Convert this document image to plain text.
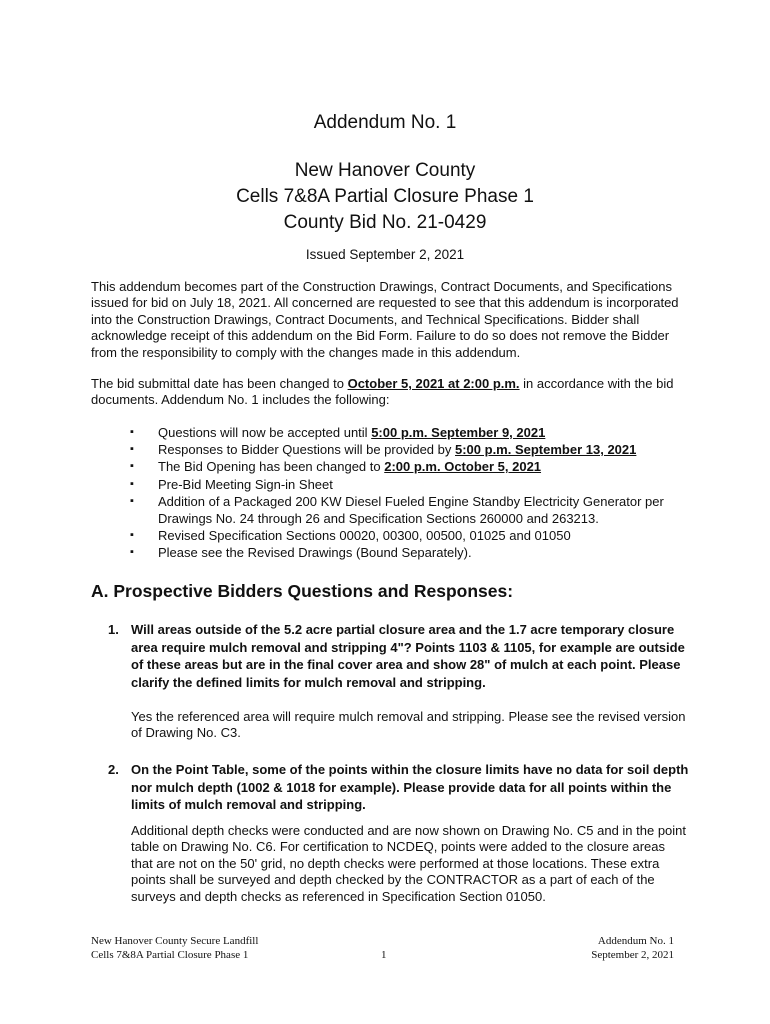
Addendum No. 1
New Hanover County
Cells 7&8A Partial Closure Phase 1
County Bid No. 21-0429
Issued September 2, 2021
This addendum becomes part of the Construction Drawings, Contract Documents, and Specifications issued for bid on July 18, 2021. All concerned are requested to see that this addendum is incorporated into the Construction Drawings, Contract Documents, and Technical Specifications. Bidder shall acknowledge receipt of this addendum on the Bid Form. Failure to do so does not remove the Bidder from the responsibility to comply with the changes made in this addendum.
The bid submittal date has been changed to October 5, 2021 at 2:00 p.m. in accordance with the bid documents. Addendum No. 1 includes the following:
▪ Questions will now be accepted until 5:00 p.m. September 9, 2021
▪ Responses to Bidder Questions will be provided by 5:00 p.m. September 13, 2021
▪ The Bid Opening has been changed to 2:00 p.m. October 5, 2021
▪ Pre-Bid Meeting Sign-in Sheet
▪ Addition of a Packaged 200 KW Diesel Fueled Engine Standby Electricity Generator per Drawings No. 24 through 26 and Specification Sections 260000 and 263213.
▪ Revised Specification Sections 00020, 00300, 00500, 01025 and 01050
▪ Please see the Revised Drawings (Bound Separately).
A. Prospective Bidders Questions and Responses:
1. Will areas outside of the 5.2 acre partial closure area and the 1.7 acre temporary closure area require mulch removal and stripping 4"? Points 1103 & 1105, for example are outside of these areas but are in the final cover area and show 28" of mulch at each point. Please clarify the defined limits for mulch removal and stripping.
Yes the referenced area will require mulch removal and stripping. Please see the revised version of Drawing No. C3.
2. On the Point Table, some of the points within the closure limits have no data for soil depth nor mulch depth (1002 & 1018 for example). Please provide data for all points within the limits of mulch removal and stripping.
Additional depth checks were conducted and are now shown on Drawing No. C5 and in the point table on Drawing No. C6. For certification to NCDEQ, points were added to the closure areas that are not on the 50' grid, no depth checks were performed at those locations. These extra points shall be surveyed and depth checked by the CONTRACTOR as a part of each of the surveys and depth checks as referenced in Specification Section 01050.
New Hanover County Secure Landfill
Cells 7&8A Partial Closure Phase 1	1
Addendum No. 1
September 2, 2021
